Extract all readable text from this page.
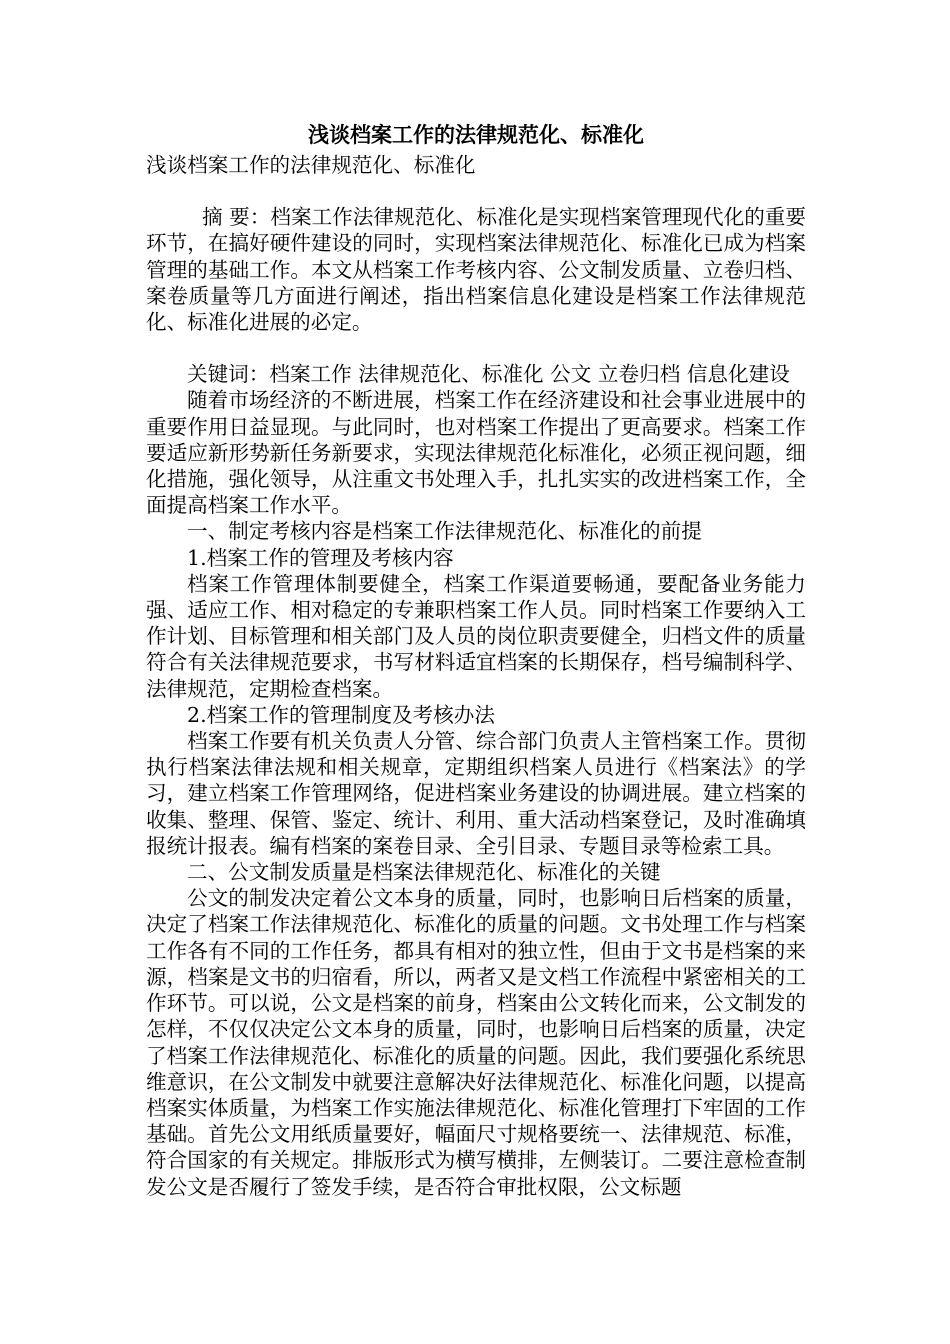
浅谈档案工作的法律规范化、标准化

浅谈档案工作的法律规范化、标准化

摘 要：档案工作法律规范化、标准化是实现档案管理现代化的重要环节，在搞好硬件建设的同时，实现档案法律规范化、标准化已成为档案管理的基础工作。本文从档案工作考核内容、公文制发质量、立卷归档、案卷质量等几方面进行阐述，指出档案信息化建设是档案工作法律规范化、标准化进展的必定。

关键词：档案工作 法律规范化、标准化 公文 立卷归档 信息化建设

随着市场经济的不断进展，档案工作在经济建设和社会事业进展中的重要作用日益显现。与此同时，也对档案工作提出了更高要求。档案工作要适应新形势新任务新要求，实现法律规范化标准化，必须正视问题，细化措施，强化领导，从注重文书处理入手，扎扎实实的改进档案工作，全面提高档案工作水平。

一、制定考核内容是档案工作法律规范化、标准化的前提

1.档案工作的管理及考核内容

档案工作管理体制要健全，档案工作渠道要畅通，要配备业务能力强、适应工作、相对稳定的专兼职档案工作人员。同时档案工作要纳入工作计划、目标管理和相关部门及人员的岗位职责要健全，归档文件的质量符合有关法律规范要求，书写材料适宜档案的长期保存，档号编制科学、法律规范，定期检查档案。

2.档案工作的管理制度及考核办法

档案工作要有机关负责人分管、综合部门负责人主管档案工作。贯彻执行档案法律法规和相关规章，定期组织档案人员进行《档案法》的学习，建立档案工作管理网络，促进档案业务建设的协调进展。建立档案的收集、整理、保管、鉴定、统计、利用、重大活动档案登记，及时准确填报统计报表。编有档案的案卷目录、全引目录、专题目录等检索工具。

二、公文制发质量是档案法律规范化、标准化的关键

公文的制发决定着公文本身的质量，同时，也影响日后档案的质量，决定了档案工作法律规范化、标准化的质量的问题。文书处理工作与档案工作各有不同的工作任务，都具有相对的独立性，但由于文书是档案的来源，档案是文书的归宿看，所以，两者又是文档工作流程中紧密相关的工作环节。可以说，公文是档案的前身，档案由公文转化而来，公文制发的怎样，不仅仅决定公文本身的质量，同时，也影响日后档案的质量，决定了档案工作法律规范化、标准化的质量的问题。因此，我们要强化系统思维意识，在公文制发中就要注意解决好法律规范化、标准化问题，以提高档案实体质量，为档案工作实施法律规范化、标准化管理打下牢固的工作基础。首先公文用纸质量要好，幅面尺寸规格要统一、法律规范、标准，符合国家的有关规定。排版形式为横写横排，左侧装订。二要注意检查制发公文是否履行了签发手续，是否符合审批权限，公文标题
